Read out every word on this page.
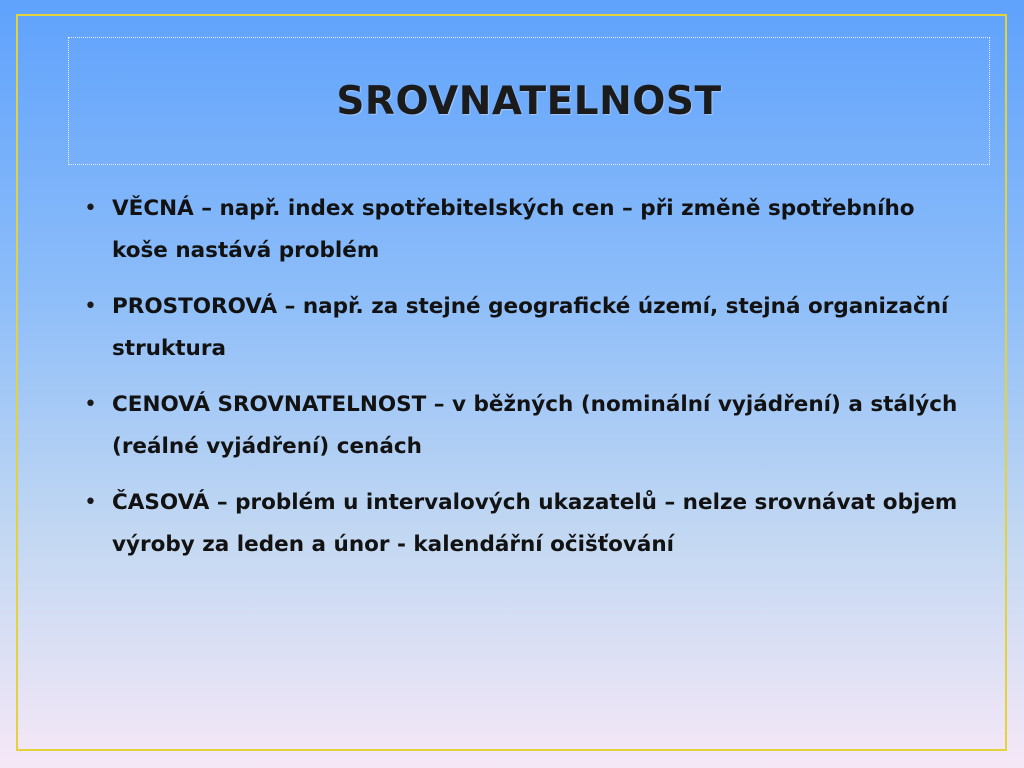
SROVNATELNOST
• VĚCNÁ – např. index spotřebitelských cen – při změně spotřebního koše nastává problém
• PROSTOROVÁ – např. za stejné geografické území, stejná organizační struktura
• CENOVÁ SROVNATELNOST – v běžných (nominální vyjádření) a stálých (reálné vyjádření) cenách
• ČASOVÁ – problém u intervalových ukazatelů – nelze srovnávat objem výroby za leden a únor - kalendářní očišťování
